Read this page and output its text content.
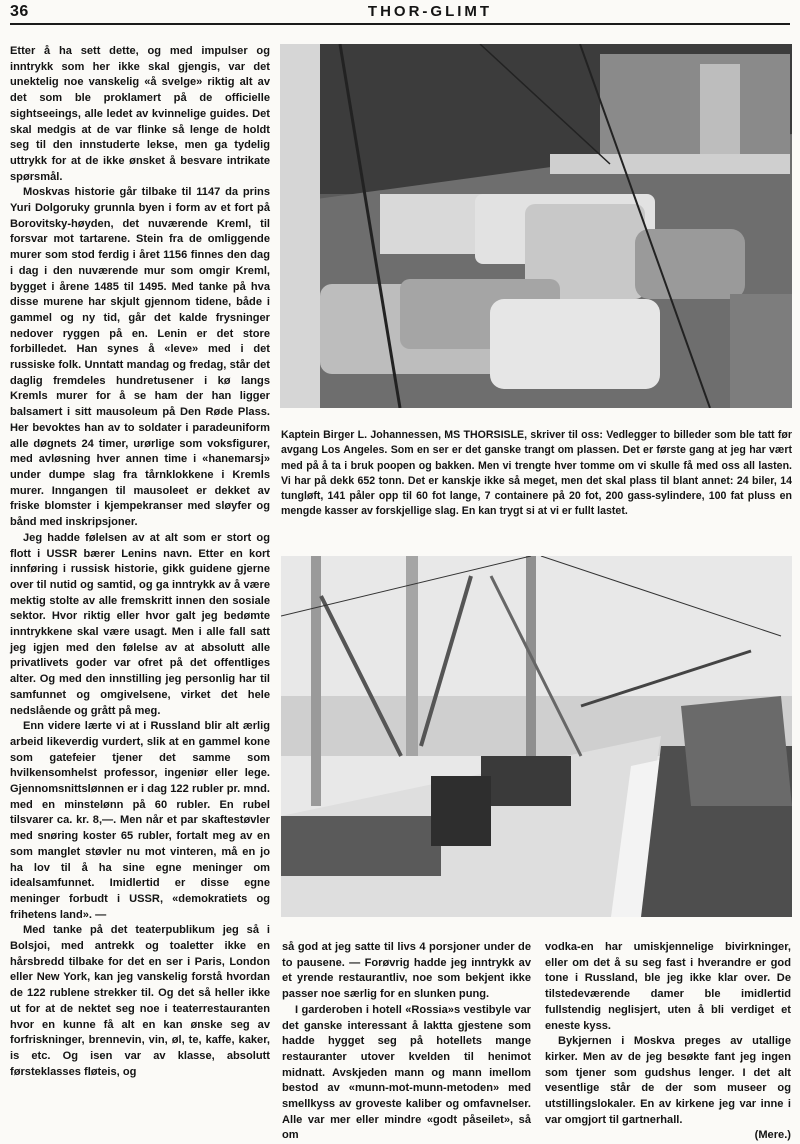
36	THOR-GLIMT

Etter å ha sett dette, og med impulser og inntrykk som her ikke skal gjengis, var det unektelig noe vanskelig «å svelge» riktig alt av det som ble proklamert på de officielle sightseeings, alle ledet av kvinnelige guides. Det skal medgis at de var flinke så lenge de holdt seg til den innstuderte lekse, men ga tydelig uttrykk for at de ikke ønsket å besvare intrikate spørsmål.

Moskvas historie går tilbake til 1147 da prins Yuri Dolgoruky grunnla byen i form av et fort på Borovitsky-høyden, det nuværende Kreml, til forsvar mot tartarene. Stein fra de omliggende murer som stod ferdig i året 1156 finnes den dag i dag i den nuværende mur som omgir Kreml, bygget i årene 1485 til 1495. Med tanke på hva disse murene har skjult gjennom tidene, både i gammel og ny tid, går det kalde frysninger nedover ryggen på en. Lenin er det store forbilledet. Han synes å «leve» med i det russiske folk. Unntatt mandag og fredag, står det daglig fremdeles hundretusener i kø langs Kremls murer for å se ham der han ligger balsamert i sitt mausoleum på Den Røde Plass. Her bevoktes han av to soldater i paradeuniform alle døgnets 24 timer, urørlige som voksfigurer, med avløsning hver annen time i «hanemarsj» under dumpe slag fra tårnklokkene i Kremls murer. Inngangen til mausoleet er dekket av friske blomster i kjempekranser med sløyfer og bånd med inskripsjoner.

Jeg hadde følelsen av at alt som er stort og flott i USSR bærer Lenins navn. Etter en kort innføring i russisk historie, gikk guidene gjerne over til nutid og samtid, og ga inntrykk av å være mektig stolte av alle fremskritt innen den sosiale sektor. Hvor riktig eller hvor galt jeg bedømte inntrykkene skal være usagt. Men i alle fall satt jeg igjen med den følelse av at absolutt alle privatlivets goder var ofret på det offentliges alter. Og med den innstilling jeg personlig har til samfunnet og omgivelsene, virket det hele nedslående og grått på meg.

Enn videre lærte vi at i Russland blir alt ærlig arbeid likeverdig vurdert, slik at en gammel kone som gatefeier tjener det samme som hvilkensomhelst professor, ingeniør eller lege. Gjennomsnittslønnen er i dag 122 rubler pr. mnd. med en minstelønn på 60 rubler. En rubel tilsvarer ca. kr. 8,—. Men når et par skaftestøvler med snøring koster 65 rubler, fortalt meg av en som manglet støvler nu mot vinteren, må en jo ha lov til å ha sine egne meninger om idealsamfunnet. Imidlertid er disse egne meninger forbudt i USSR, «demokratiets og frihetens land». —

Med tanke på det teaterpublikum jeg så i Bolsjoi, med antrekk og toaletter ikke en hårsbredd tilbake for det en ser i Paris, London eller New York, kan jeg vanskelig forstå hvordan de 122 rublene strekker til. Og det så heller ikke ut for at de nektet seg noe i teaterrestauranten hvor en kunne få alt en kan ønske seg av forfriskninger, brennevin, vin, øl, te, kaffe, kaker, is etc. Og isen var av klasse, absolutt førsteklasses fløteis, og

Kaptein Birger L. Johannessen, MS THORSISLE, skriver til oss: Vedlegger to billeder som ble tatt før avgang Los Angeles. Som en ser er det ganske trangt om plassen. Det er første gang at jeg har vært med på å ta i bruk poopen og bakken. Men vi trengte hver tomme om vi skulle få med oss all lasten. Vi har på dekk 652 tonn. Det er kanskje ikke så meget, men det skal plass til blant annet: 24 biler, 14 tungløft, 141 påler opp til 60 fot lange, 7 containere på 20 fot, 200 gass-sylindere, 100 fat pluss en mengde kasser av forskjellige slag. En kan trygt si at vi er fullt lastet.

så god at jeg satte til livs 4 porsjoner under de to pausene. — Forøvrig hadde jeg inntrykk av et yrende restaurantliv, noe som bekjent ikke passer noe særlig for en slunken pung.

I garderoben i hotell «Rossia»s vestibyle var det ganske interessant å laktta gjestene som hadde hygget seg på hotellets mange restauranter utover kvelden til henimot midnatt. Avskjeden mann og mann imellom bestod av «munn-mot-munn-metoden» med smellkyss av groveste kaliber og omfavnelser. Alle var mer eller mindre «godt påseilet», så om

vodka-en har umiskjennelige bivirkninger, eller om det å su seg fast i hverandre er god tone i Russland, ble jeg ikke klar over. De tilstedeværende damer ble imidlertid fullstendig neglisjert, uten å bli verdiget et eneste kyss.

Bykjernen i Moskva preges av utallige kirker. Men av de jeg besøkte fant jeg ingen som tjener som gudshus lenger. I det alt vesentlige står de der som museer og utstillingslokaler. En av kirkene jeg var inne i var omgjort til gartnerhall.

(Mere.)
